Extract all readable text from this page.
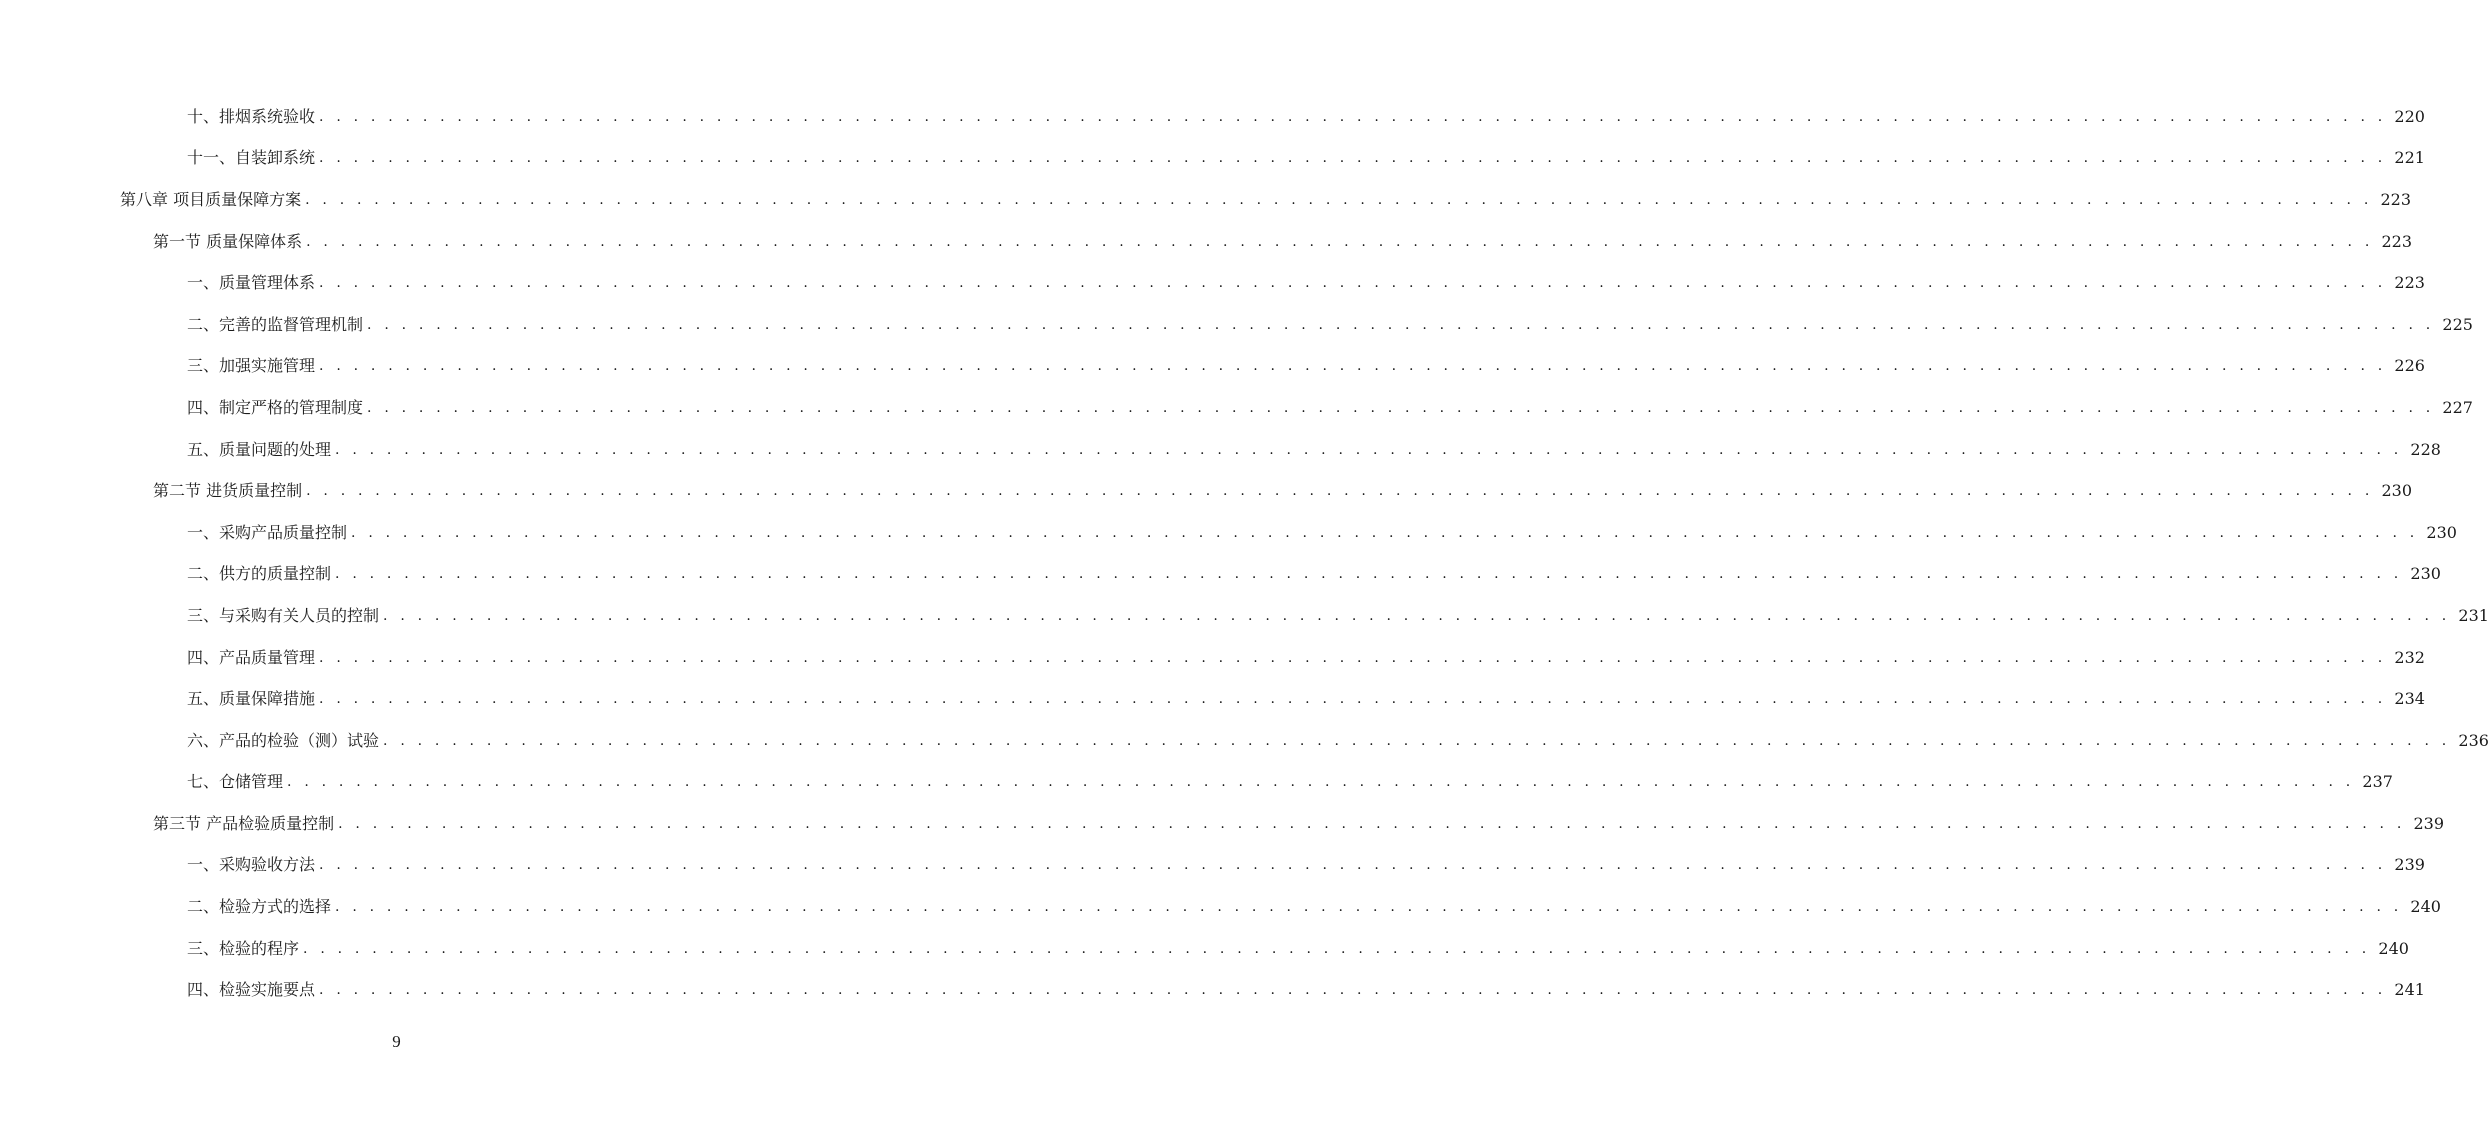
十、排烟系统验收 . . . . . . . . . . . . . . . . . . . . . . . . . . . . . . . . . . . . . . . . . . . . . . . . . . . . . . . . . . . . . . . . . . . . . . . . . . . . . . . . . . . . . . . . . . . . . . . . . . . . . . . . . . . . . . . . . . . . . . . . 220
十一、自装卸系统 . . . . . . . . . . . . . . . . . . . . . . . . . . . . . . . . . . . . . . . . . . . . . . . . . . . . . . . . . . . . . . . . . . . . . . . . . . . . . . . . . . . . . . . . . . . . . . . . . . . . . . . . . . . . . . . . . . . . . . . . 221
第八章 项目质量保障方案 . . . . . . . . . . . . . . . . . . . . . . . . . . . . . . . . . . . . . . . . . . . . . . . . . . . . . . . . . . . . . . . . . . . . . . . . . . . . . . . . . . . . . . . . . . . . . . . . . . . . . . . . . . . . . . . . . . . . . . . . 223
第一节 质量保障体系 . . . . . . . . . . . . . . . . . . . . . . . . . . . . . . . . . . . . . . . . . . . . . . . . . . . . . . . . . . . . . . . . . . . . . . . . . . . . . . . . . . . . . . . . . . . . . . . . . . . . . . . . . . . . . . . . . . . . . . . . 223
一、质量管理体系 . . . . . . . . . . . . . . . . . . . . . . . . . . . . . . . . . . . . . . . . . . . . . . . . . . . . . . . . . . . . . . . . . . . . . . . . . . . . . . . . . . . . . . . . . . . . . . . . . . . . . . . . . . . . . . . . . . . . . . . . 223
二、完善的监督管理机制 . . . . . . . . . . . . . . . . . . . . . . . . . . . . . . . . . . . . . . . . . . . . . . . . . . . . . . . . . . . . . . . . . . . . . . . . . . . . . . . . . . . . . . . . . . . . . . . . . . . . . . . . . . . . . . . . . . . . . . . . 225
三、加强实施管理 . . . . . . . . . . . . . . . . . . . . . . . . . . . . . . . . . . . . . . . . . . . . . . . . . . . . . . . . . . . . . . . . . . . . . . . . . . . . . . . . . . . . . . . . . . . . . . . . . . . . . . . . . . . . . . . . . . . . . . . . 226
四、制定严格的管理制度 . . . . . . . . . . . . . . . . . . . . . . . . . . . . . . . . . . . . . . . . . . . . . . . . . . . . . . . . . . . . . . . . . . . . . . . . . . . . . . . . . . . . . . . . . . . . . . . . . . . . . . . . . . . . . . . . . . . . . . . . 227
五、质量问题的处理 . . . . . . . . . . . . . . . . . . . . . . . . . . . . . . . . . . . . . . . . . . . . . . . . . . . . . . . . . . . . . . . . . . . . . . . . . . . . . . . . . . . . . . . . . . . . . . . . . . . . . . . . . . . . . . . . . . . . . . . . 228
第二节 进货质量控制 . . . . . . . . . . . . . . . . . . . . . . . . . . . . . . . . . . . . . . . . . . . . . . . . . . . . . . . . . . . . . . . . . . . . . . . . . . . . . . . . . . . . . . . . . . . . . . . . . . . . . . . . . . . . . . . . . . . . . . . . 230
一、采购产品质量控制 . . . . . . . . . . . . . . . . . . . . . . . . . . . . . . . . . . . . . . . . . . . . . . . . . . . . . . . . . . . . . . . . . . . . . . . . . . . . . . . . . . . . . . . . . . . . . . . . . . . . . . . . . . . . . . . . . . . . . . . . 230
二、供方的质量控制 . . . . . . . . . . . . . . . . . . . . . . . . . . . . . . . . . . . . . . . . . . . . . . . . . . . . . . . . . . . . . . . . . . . . . . . . . . . . . . . . . . . . . . . . . . . . . . . . . . . . . . . . . . . . . . . . . . . . . . . . 230
三、与采购有关人员的控制 . . . . . . . . . . . . . . . . . . . . . . . . . . . . . . . . . . . . . . . . . . . . . . . . . . . . . . . . . . . . . . . . . . . . . . . . . . . . . . . . . . . . . . . . . . . . . . . . . . . . . . . . . . . . . . . . . . . . . . . . 231
四、产品质量管理 . . . . . . . . . . . . . . . . . . . . . . . . . . . . . . . . . . . . . . . . . . . . . . . . . . . . . . . . . . . . . . . . . . . . . . . . . . . . . . . . . . . . . . . . . . . . . . . . . . . . . . . . . . . . . . . . . . . . . . . . 232
五、质量保障措施 . . . . . . . . . . . . . . . . . . . . . . . . . . . . . . . . . . . . . . . . . . . . . . . . . . . . . . . . . . . . . . . . . . . . . . . . . . . . . . . . . . . . . . . . . . . . . . . . . . . . . . . . . . . . . . . . . . . . . . . . 234
六、产品的检验（测）试验 . . . . . . . . . . . . . . . . . . . . . . . . . . . . . . . . . . . . . . . . . . . . . . . . . . . . . . . . . . . . . . . . . . . . . . . . . . . . . . . . . . . . . . . . . . . . . . . . . . . . . . . . . . . . . . . . . . . . . . . . 236
七、仓储管理 . . . . . . . . . . . . . . . . . . . . . . . . . . . . . . . . . . . . . . . . . . . . . . . . . . . . . . . . . . . . . . . . . . . . . . . . . . . . . . . . . . . . . . . . . . . . . . . . . . . . . . . . . . . . . . . . . . . . . . . . 237
第三节 产品检验质量控制 . . . . . . . . . . . . . . . . . . . . . . . . . . . . . . . . . . . . . . . . . . . . . . . . . . . . . . . . . . . . . . . . . . . . . . . . . . . . . . . . . . . . . . . . . . . . . . . . . . . . . . . . . . . . . . . . . . . . . . . . 239
一、采购验收方法 . . . . . . . . . . . . . . . . . . . . . . . . . . . . . . . . . . . . . . . . . . . . . . . . . . . . . . . . . . . . . . . . . . . . . . . . . . . . . . . . . . . . . . . . . . . . . . . . . . . . . . . . . . . . . . . . . . . . . . . . 239
二、检验方式的选择 . . . . . . . . . . . . . . . . . . . . . . . . . . . . . . . . . . . . . . . . . . . . . . . . . . . . . . . . . . . . . . . . . . . . . . . . . . . . . . . . . . . . . . . . . . . . . . . . . . . . . . . . . . . . . . . . . . . . . . . . 240
三、检验的程序 . . . . . . . . . . . . . . . . . . . . . . . . . . . . . . . . . . . . . . . . . . . . . . . . . . . . . . . . . . . . . . . . . . . . . . . . . . . . . . . . . . . . . . . . . . . . . . . . . . . . . . . . . . . . . . . . . . . . . . . . 240
四、检验实施要点 . . . . . . . . . . . . . . . . . . . . . . . . . . . . . . . . . . . . . . . . . . . . . . . . . . . . . . . . . . . . . . . . . . . . . . . . . . . . . . . . . . . . . . . . . . . . . . . . . . . . . . . . . . . . . . . . . . . . . . . . 241
9
